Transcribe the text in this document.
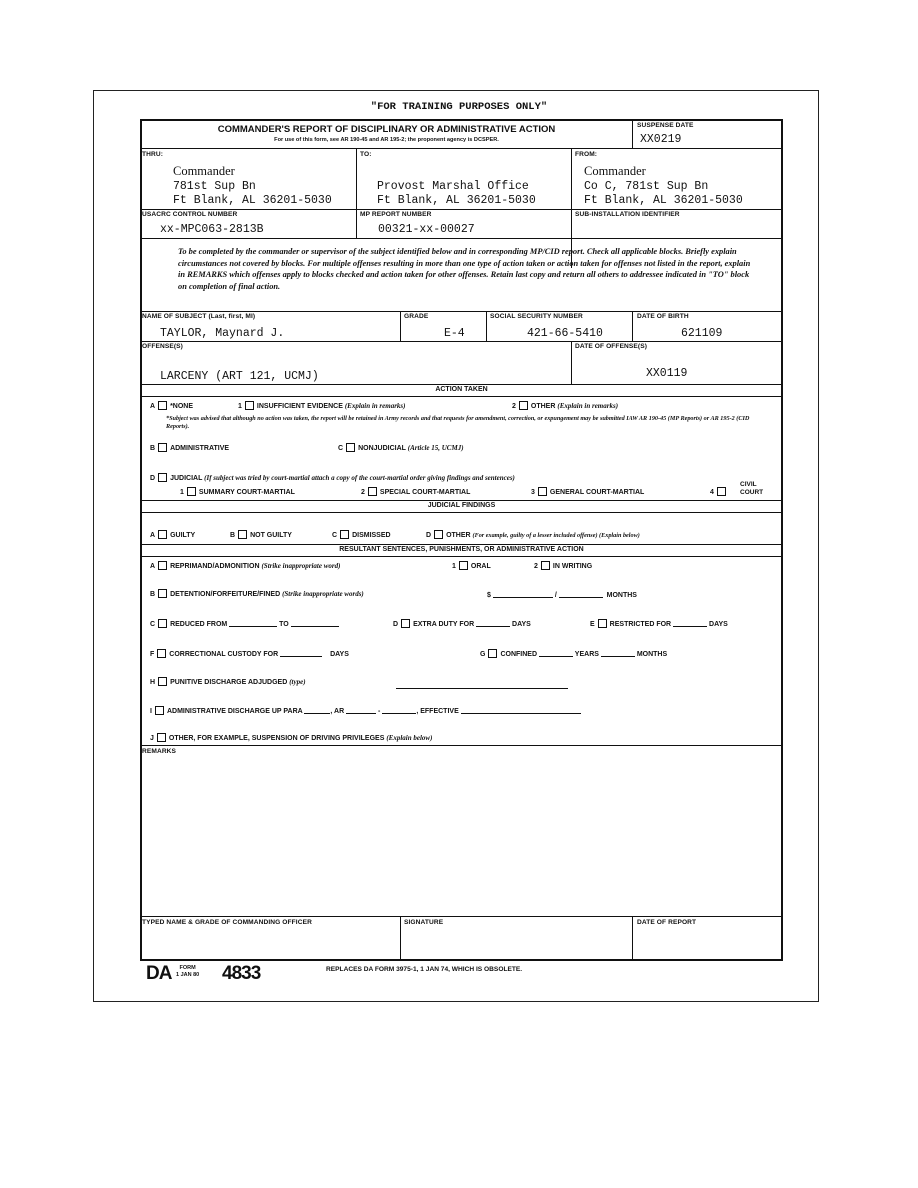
"FOR TRAINING PURPOSES ONLY"
COMMANDER'S REPORT OF DISCIPLINARY OR ADMINISTRATIVE ACTION
For use of this form, see AR 190-45 and AR 195-2; the proponent agency is DCSPER.
SUSPENSE DATE
XX0219
THRU:
Commander
781st Sup Bn
Ft Blank, AL 36201-5030
TO:
Provost Marshal Office
Ft Blank, AL 36201-5030
FROM:
Commander
Co C, 781st Sup Bn
Ft Blank, AL 36201-5030
USACRC CONTROL NUMBER
xx-MPC063-2813B
MP REPORT NUMBER
00321-xx-00027
SUB-INSTALLATION IDENTIFIER
To be completed by the commander or supervisor of the subject identified below and in corresponding MP/CID report. Check all applicable blocks. Briefly explain circumstances not covered by blocks. For multiple offenses resulting in more than one type of action taken or action taken for offenses not listed in the report, explain in REMARKS which offenses apply to blocks checked and action taken for other offenses. Retain last copy and return all others to addressee indicated in "TO" block on completion of final action.
NAME OF SUBJECT (Last, first, MI)
TAYLOR, Maynard J.
GRADE
E-4
SOCIAL SECURITY NUMBER
421-66-5410
DATE OF BIRTH
621109
OFFENSE(S)
LARCENY (ART 121, UCMJ)
DATE OF OFFENSE(S)
XX0119
ACTION TAKEN
A *NONE	1 INSUFFICIENT EVIDENCE (Explain in remarks)	2 OTHER (Explain in remarks)
*Subject was advised that although no action was taken, the report will be retained in Army records and that requests for amendment, correction, or expungement may be submitted IAW AR 190-45 (MP Reports) or AR 195-2 (CID Reports).
B ADMINISTRATIVE	C NONJUDICIAL (Article 15, UCMJ)
D JUDICIAL (If subject was tried by court-martial attach a copy of the court-martial order giving findings and sentences)
1 SUMMARY COURT-MARTIAL	2 SPECIAL COURT-MARTIAL	3 GENERAL COURT-MARTIAL	4
CIVIL
COURT
JUDICIAL FINDINGS
A GUILTY	B NOT GUILTY	C DISMISSED	D OTHER (For example, guilty of a lesser included offense) (Explain below)
RESULTANT SENTENCES, PUNISHMENTS, OR ADMINISTRATIVE ACTION
A REPRIMAND/ADMONITION (Strike inappropriate word)	1 ORAL	2 IN WRITING
B DETENTION/FORFEITURE/FINED (Strike inappropriate words)	$	/	MONTHS
C REDUCED FROM	TO	D EXTRA DUTY FOR	DAYS	E RESTRICTED FOR	DAYS
F CORRECTIONAL CUSTODY FOR	DAYS	G CONFINED	YEARS	MONTHS
H PUNITIVE DISCHARGE ADJUDGED (type)
I ADMINISTRATIVE DISCHARGE UP PARA	, AR	-	, EFFECTIVE
J OTHER, FOR EXAMPLE, SUSPENSION OF DRIVING PRIVILEGES (Explain below)
REMARKS
TYPED NAME & GRADE OF COMMANDING OFFICER	SIGNATURE	DATE OF REPORT
DA	FORM
1 JAN 80 4833	REPLACES DA FORM 3975-1, 1 JAN 74, WHICH IS OBSOLETE.
